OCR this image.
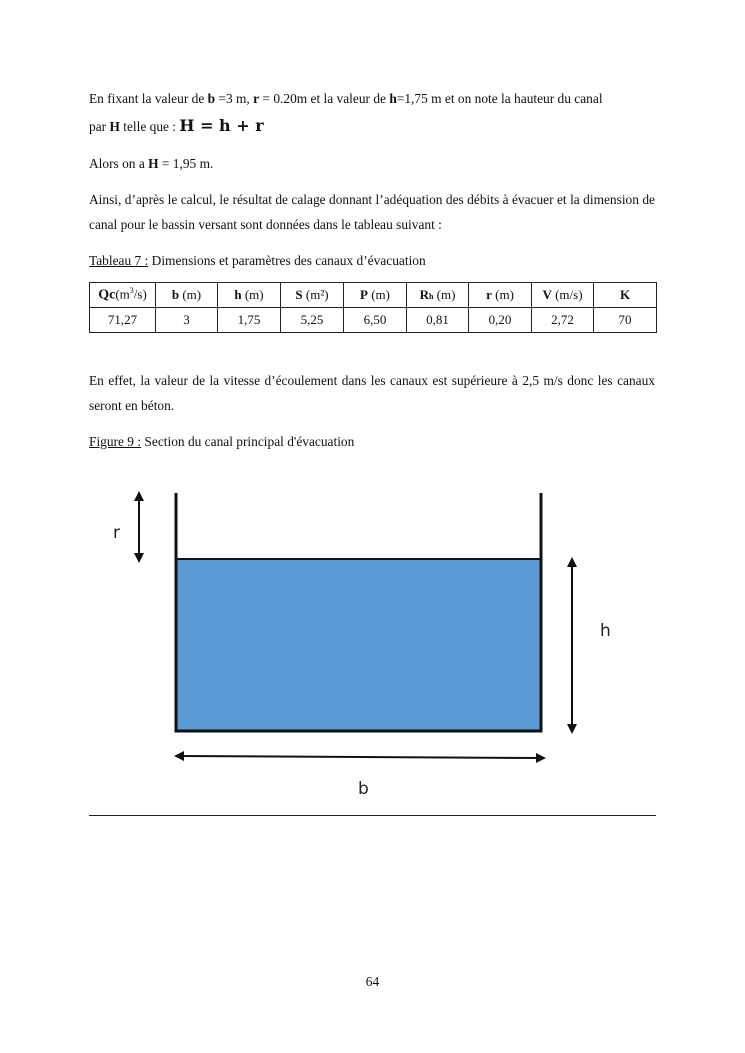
En fixant la valeur de b =3 m, r = 0.20m et la valeur de h=1,75 m et on note la hauteur du canal

par H telle que : H = h + r

Alors on a H = 1,95 m.

Ainsi, d’après le calcul, le résultat de calage donnant l’adéquation des débits à évacuer et la dimension de canal pour le bassin versant sont données dans le tableau suivant :

Tableau 7 : Dimensions et paramètres des canaux d’évacuation

$Qc(m^3/s)$	b (m)	h (m)	S (m²)	P (m)	Rh (m)	r (m)	V (m/s)	K
71,27	3	1,75	5,25	6,50	0,81	0,20	2,72	70

En effet, la valeur de la vitesse d’écoulement dans les canaux est supérieure à 2,5 m/s donc les canaux seront en béton.

Figure 9 : Section du canal principal d'évacuation

r
h
b
64
